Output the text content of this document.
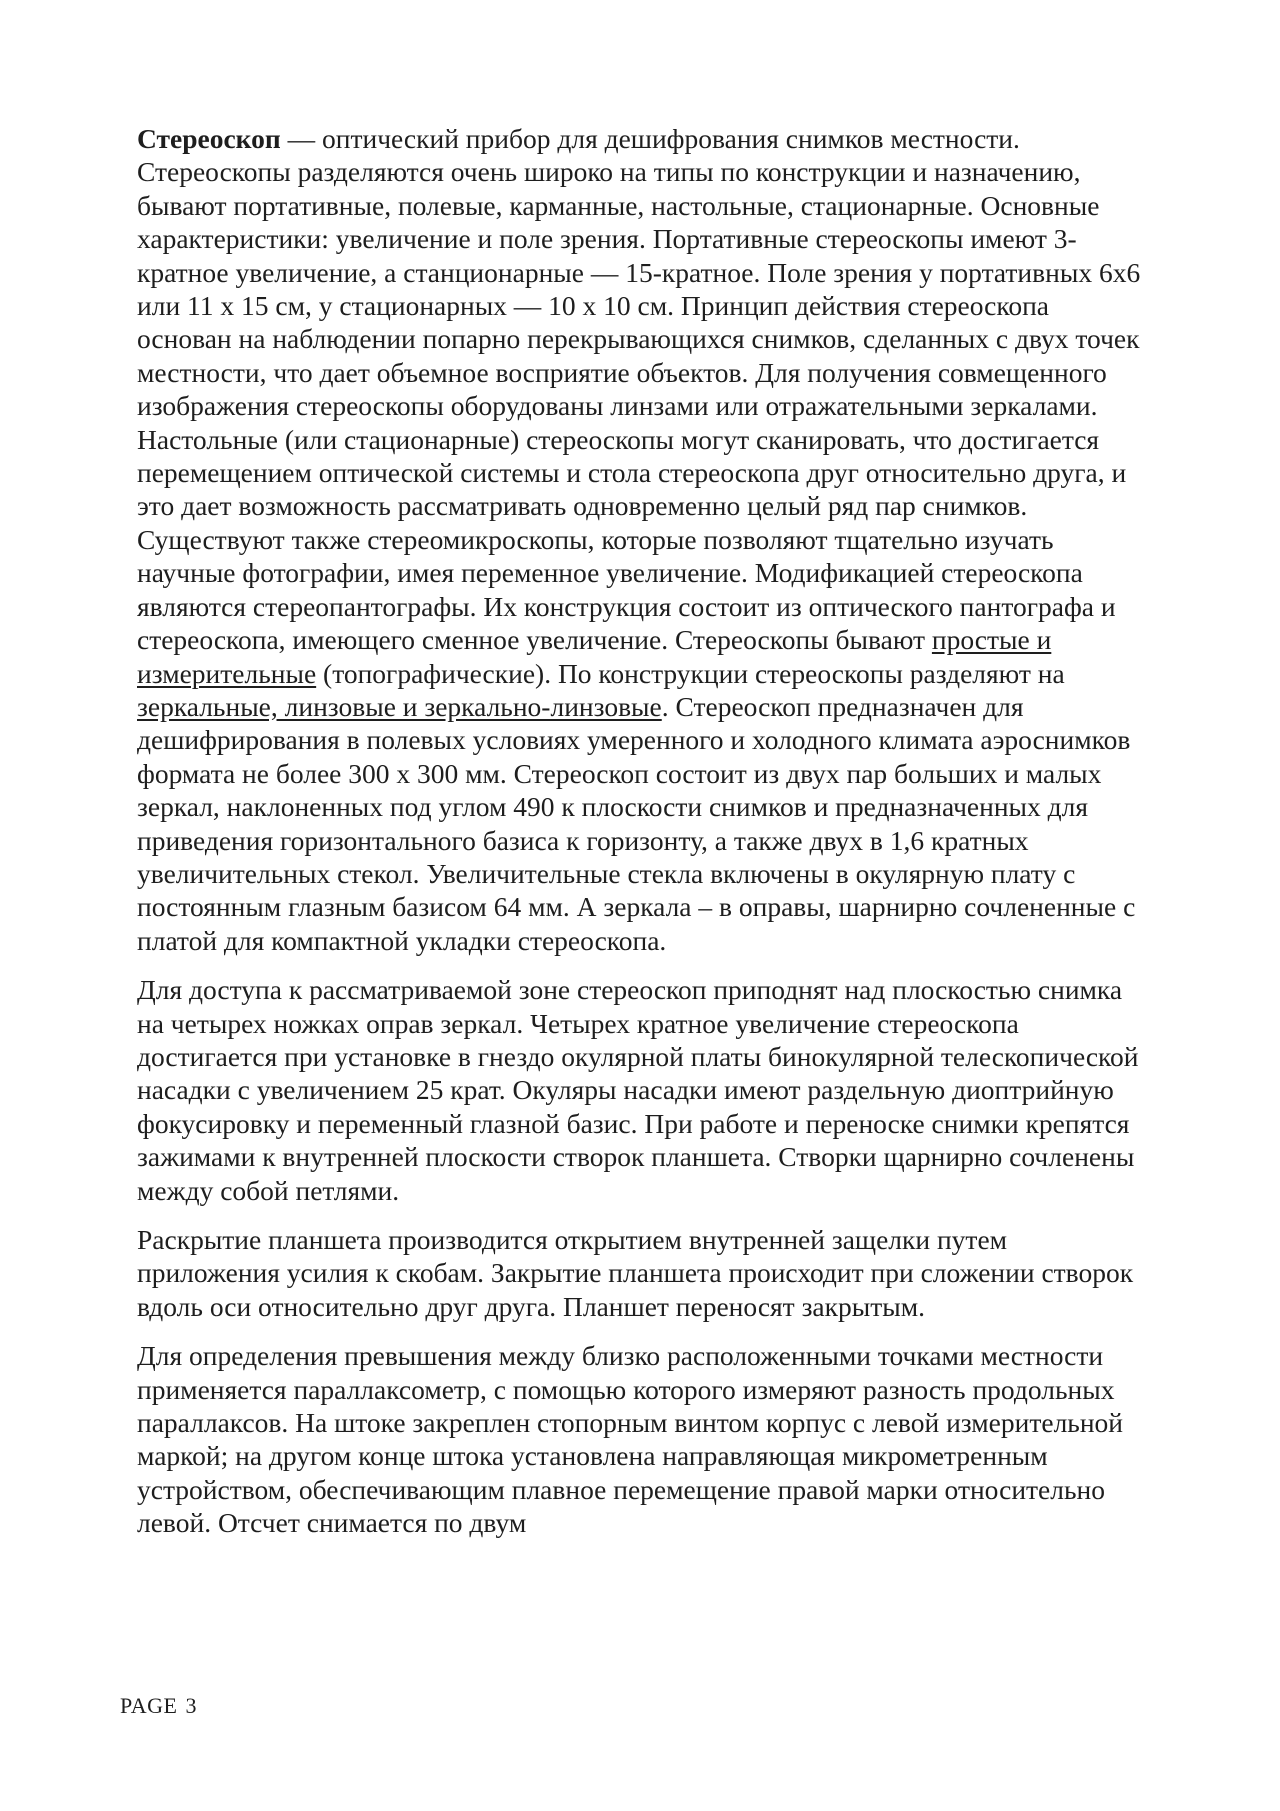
Стереоскоп — оптический прибор для дешифрования снимков местности. Стереоскопы разделяются очень широко на типы по конструкции и назначению, бывают портативные, полевые, карманные, настольные, стационарные. Основные характеристики: увеличение и поле зрения. Портативные стереоскопы имеют 3-кратное увеличение, а станционарные — 15-кратное. Поле зрения у портативных 6х6 или 11 х 15 см, у стационарных — 10 х 10 см. Принцип действия стереоскопа основан на наблюдении попарно перекрывающихся снимков, сделанных с двух точек местности, что дает объемное восприятие объектов. Для получения совмещенного изображения стереоскопы оборудованы линзами или отражательными зеркалами. Настольные (или стационарные) стереоскопы могут сканировать, что достигается перемещением оптической системы и стола стереоскопа друг относительно друга, и это дает возможность рассматривать одновременно целый ряд пар снимков. Существуют также стереомикроскопы, которые позволяют тщательно изучать научные фотографии, имея переменное увеличение. Модификацией стереоскопа являются стереопантографы. Их конструкция состоит из оптического пантографа и стереоскопа, имеющего сменное увеличение. Стереоскопы бывают простые и измерительные (топографические). По конструкции стереоскопы разделяют на зеркальные, линзовые и зеркально-линзовые. Стереоскоп предназначен для дешифрирования в полевых условиях умеренного и холодного климата аэроснимков формата не более 300 х 300 мм. Стереоскоп состоит из двух пар больших и малых зеркал, наклоненных под углом 490 к плоскости снимков и предназначенных для приведения горизонтального базиса к горизонту, а также двух в 1,6 кратных увеличительных стекол. Увеличительные стекла включены в окулярную плату с постоянным глазным базисом 64 мм. А зеркала – в оправы, шарнирно сочлененные с платой для компактной укладки стереоскопа.

Для доступа к рассматриваемой зоне стереоскоп приподнят над плоскостью снимка на четырех ножках оправ зеркал. Четырех кратное увеличение стереоскопа достигается при установке в гнездо окулярной платы бинокулярной телескопической насадки с увеличением 25 крат. Окуляры насадки имеют раздельную диоптрийную фокусировку и переменный глазной базис. При работе и переноске снимки крепятся зажимами к внутренней плоскости створок планшета. Створки щарнирно сочленены между собой петлями.

Раскрытие планшета производится открытием внутренней защелки путем приложения усилия к скобам. Закрытие планшета происходит при сложении створок вдоль оси относительно друг друга. Планшет переносят закрытым.

Для определения превышения между близко расположенными точками местности применяется параллаксометр, с помощью которого измеряют разность продольных параллаксов. На штоке закреплен стопорным винтом корпус с левой измерительной маркой; на другом конце штока установлена направляющая микрометренным устройством, обеспечивающим плавное перемещение правой марки относительно левой. Отсчет снимается по двум

PAGE 3
